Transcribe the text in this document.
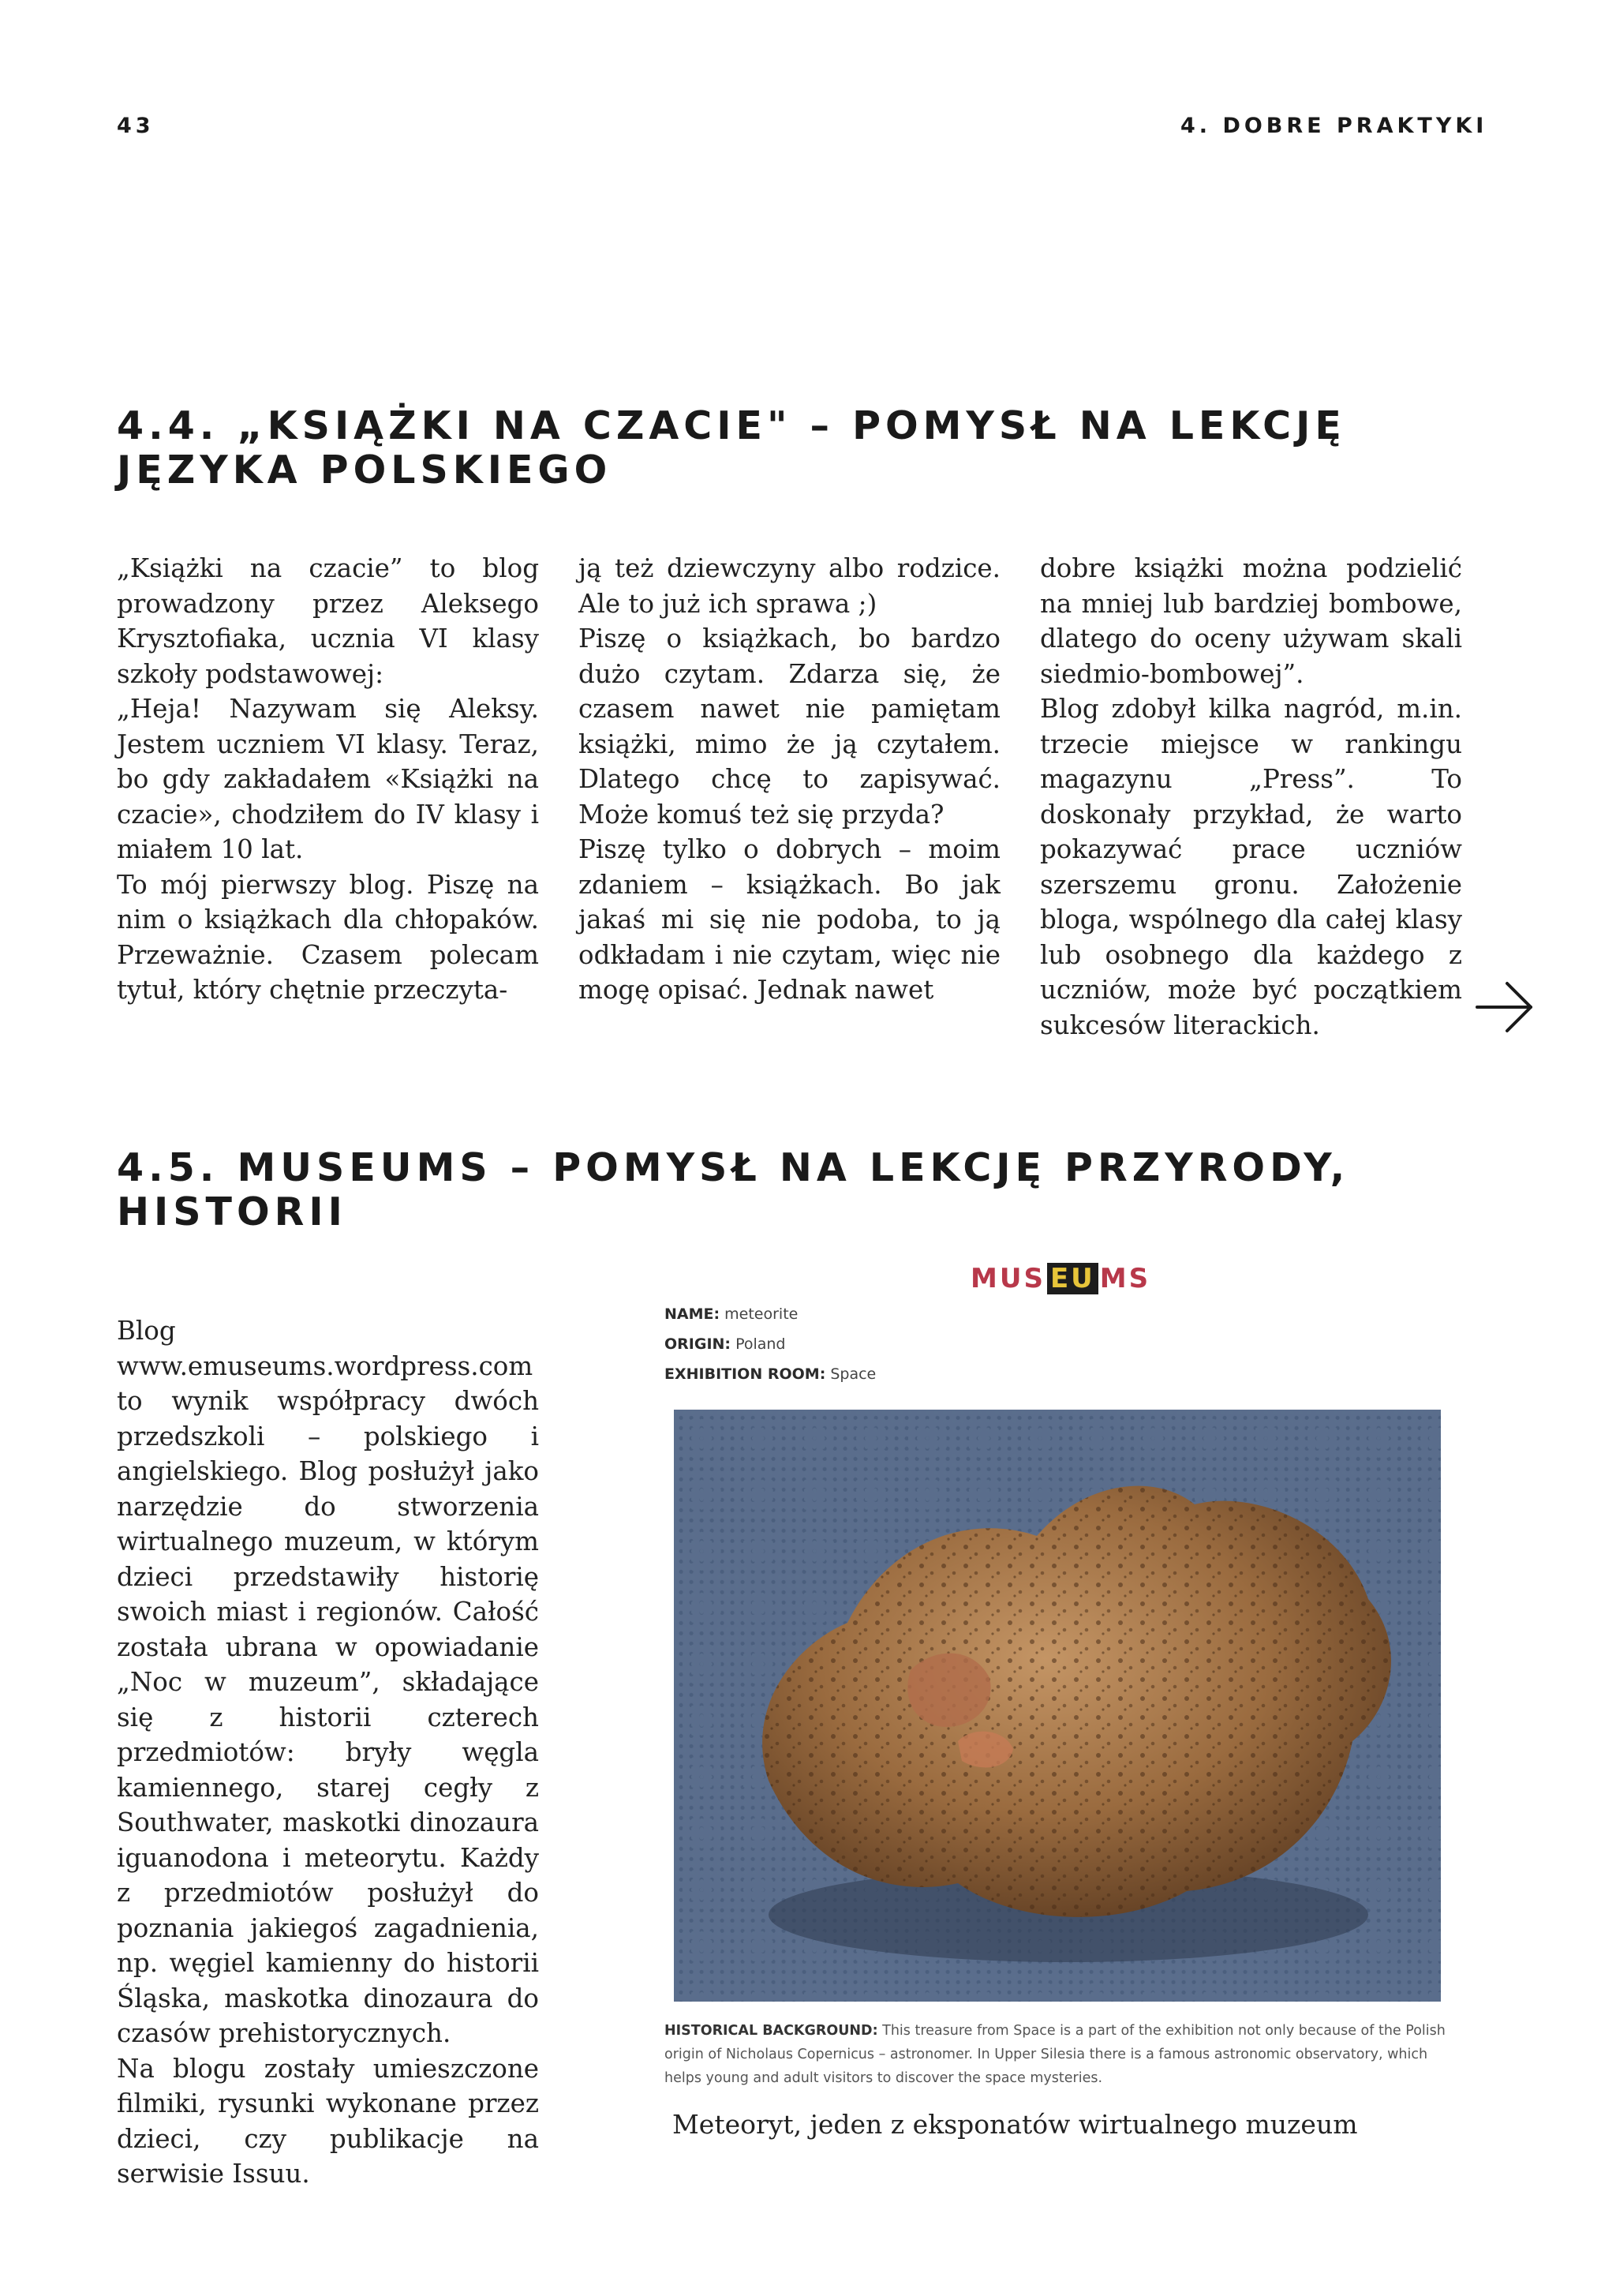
43	4. DOBRE PRAKTYKI
4.4. „KSIĄŻKI NA CZACIE" – POMYSŁ NA LEKCJĘ
JĘZYKA POLSKIEGO

„Książki na czacie” to blog prowadzony przez Aleksego Krysztofiaka, ucznia VI klasy szkoły podstawowej:

„Heja! Nazywam się Aleksy. Jestem uczniem VI klasy. Teraz, bo gdy zakładałem «Książki na czacie», chodziłem do IV klasy i miałem 10 lat.

To mój pierwszy blog. Piszę na nim o książkach dla chłopaków. Przeważnie. Czasem polecam tytuł, który chętnie przeczyta-

ją też dziewczyny albo rodzice. Ale to już ich sprawa ;)

Piszę o książkach, bo bardzo dużo czytam. Zdarza się, że czasem nawet nie pamiętam książki, mimo że ją czytałem. Dlatego chcę to zapisywać. Może komuś też się przyda?

Piszę tylko o dobrych – moim zdaniem – książkach. Bo jak jakaś mi się nie podoba, to ją odkładam i nie czytam, więc nie mogę opisać. Jednak nawet

dobre książki można podzielić na mniej lub bardziej bombowe, dlatego do oceny używam skali siedmio-bombowej”.

Blog zdobył kilka nagród, m.in. trzecie miejsce w rankingu magazynu „Press”. To doskonały przykład, że warto pokazywać prace uczniów szerszemu gronu. Założenie bloga, wspólnego dla całej klasy lub osobnego dla każdego z uczniów, może być początkiem sukcesów literackich.

4.5. MUSEUMS – POMYSŁ NA LEKCJĘ PRZYRODY,
HISTORII

Blog www.emuseums.wordpress.com to wynik współpracy dwóch przedszkoli – polskiego i angielskiego. Blog posłużył jako narzędzie do stworzenia wirtualnego muzeum, w którym dzieci przedstawiły historię swoich miast i regionów. Całość została ubrana w opowiadanie „Noc w muzeum”, składające się z historii czterech przedmiotów: bryły węgla kamiennego, starej cegły z Southwater, maskotki dinozaura iguanodona i meteorytu. Każdy z przedmiotów posłużył do poznania jakiegoś zagadnienia, np. węgiel kamienny do historii Śląska, maskotka dinozaura do czasów prehistorycznych.

Na blogu zostały umieszczone filmiki, rysunki wykonane przez dzieci, czy publikacje na serwisie Issuu.

MUS EU MS
NAME: meteorite
ORIGIN: Poland
EXHIBITION ROOM: Space
HISTORICAL BACKGROUND: This treasure from Space is a part of the exhibition not only because of the Polish origin of Nicholaus Copernicus – astronomer. In Upper Silesia there is a famous astronomic observatory, which helps young and adult visitors to discover the space mysteries.
Meteoryt, jeden z eksponatów wirtualnego muzeum
